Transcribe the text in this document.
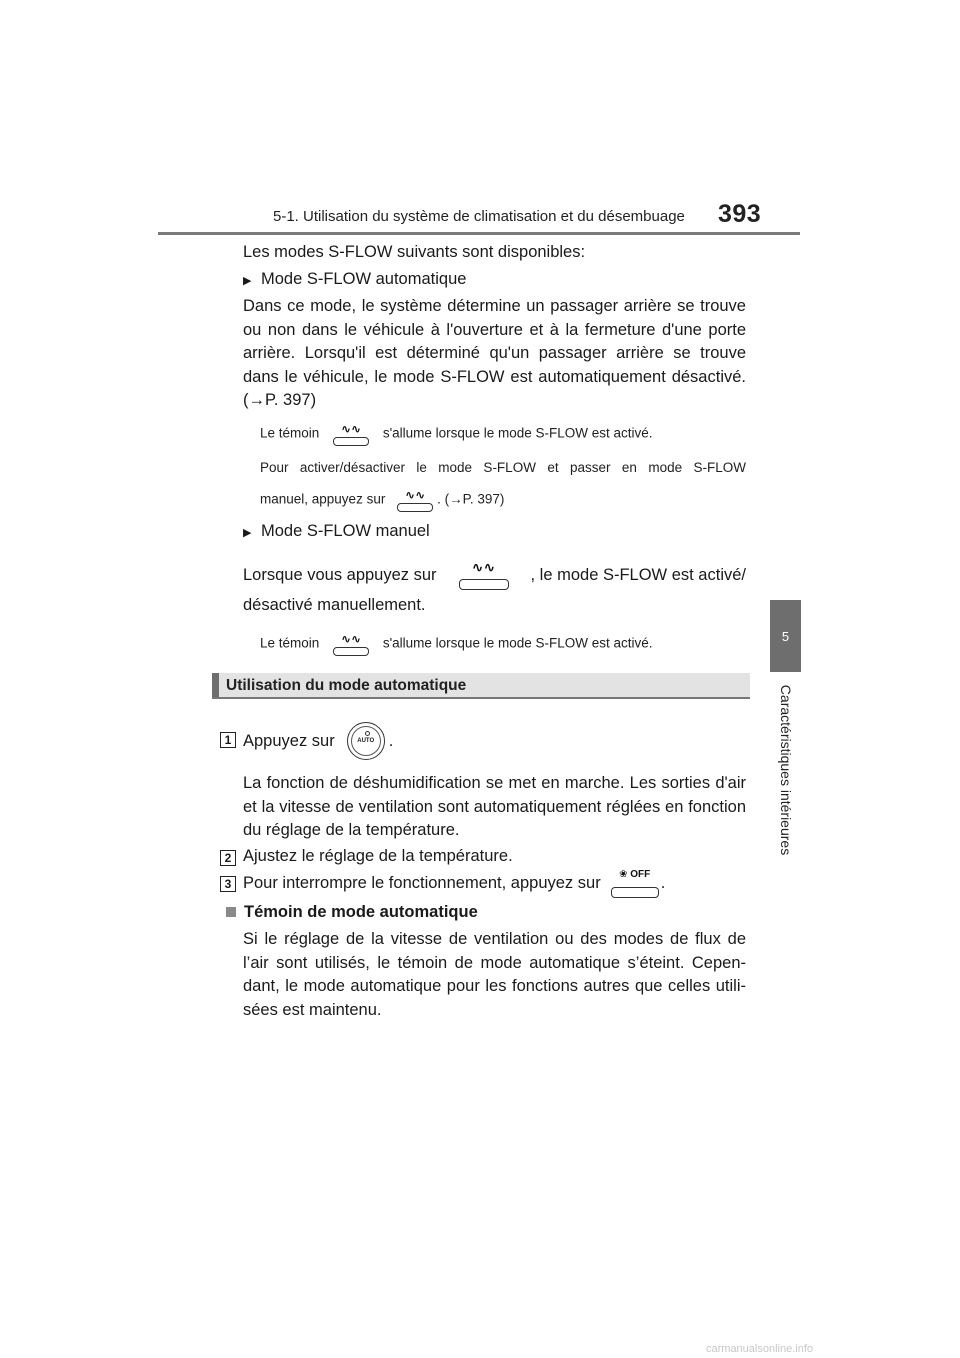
5-1. Utilisation du système de climatisation et du désembuage 393
5
Caractéristiques intérieures
Les modes S-FLOW suivants sont disponibles:
▶ Mode S-FLOW automatique
Dans ce mode, le système détermine un passager arrière se trouve ou non dans le véhicule à l'ouverture et à la fermeture d'une porte arrière. Lorsqu'il est déterminé qu'un passager arrière se trouve dans le véhicule, le mode S-FLOW est automatiquement désactivé. (→P. 397)
Le témoin	∿∿	s'allume lorsque le mode S-FLOW est activé.
Pour activer/désactiver le mode S-FLOW et passer en mode S-FLOW
manuel, appuyez sur	∿∿ . (→P. 397)
▶ Mode S-FLOW manuel
Lorsque vous appuyez sur	∿∿	, le mode S-FLOW est activé/
désactivé manuellement.
Le témoin	∿∿	s'allume lorsque le mode S-FLOW est activé.
Utilisation du mode automatique
1 Appuyez sur	AUTO .
La fonction de déshumidification se met en marche. Les sorties d'air et la vitesse de ventilation sont automatiquement réglées en fonction du réglage de la température.
2 Ajustez le réglage de la température.
3 Pour interrompre le fonctionnement, appuyez sur	❀ OFF .
Témoin de mode automatique
Si le réglage de la vitesse de ventilation ou des modes de flux de l’air sont utilisés, le témoin de mode automatique s’éteint. Cepen-dant, le mode automatique pour les fonctions autres que celles utili-sées est maintenu.
carmanualsonline.info
